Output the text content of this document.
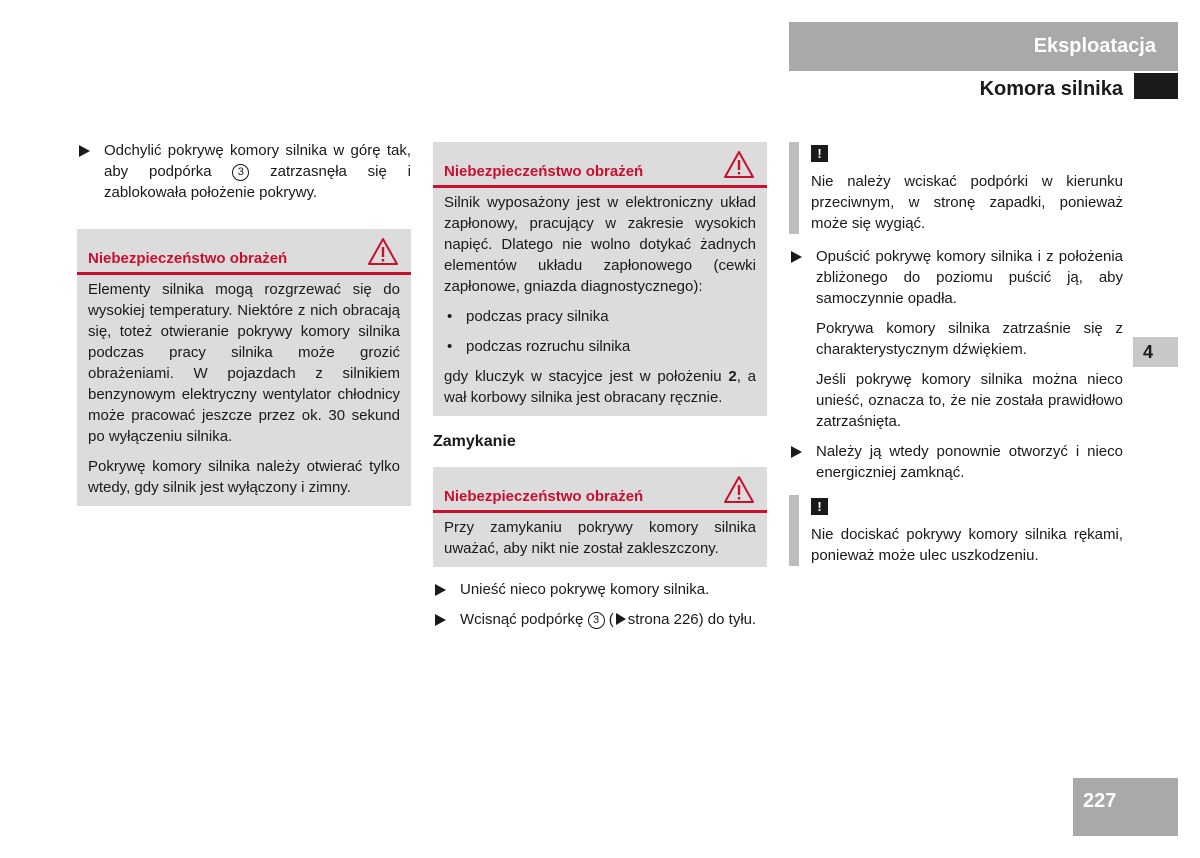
Eksploatacja
Komora silnika
4
227
Odchylić pokrywę komory silnika w górę tak, aby podpórka 3 zatrzasnęła się i zablokowała położenie pokrywy.
Niebezpieczeństwo obrażeń

Elementy silnika mogą rozgrzewać się do wysokiej temperatury. Niektóre z nich obracają się, toteż otwieranie pokrywy komory silnika podczas pracy silnika może grozić obrażeniami. W pojazdach z silnikiem benzynowym elektryczny wentylator chłodnicy może pracować jeszcze przez ok. 30 sekund po wyłączeniu silnika.

Pokrywę komory silnika należy otwierać tylko wtedy, gdy silnik jest wyłączony i zimny.

Niebezpieczeństwo obrażeń

Silnik wyposażony jest w elektroniczny układ zapłonowy, pracujący w zakresie wysokich napięć. Dlatego nie wolno dotykać żadnych elementów układu zapłonowego (cewki zapłonowe, gniazda diagnostycznego):

• podczas pracy silnika
• podczas rozruchu silnika

gdy kluczyk w stacyjce jest w położeniu 2, a wał korbowy silnika jest obracany ręcznie.

Zamykanie
Niebezpieczeństwo obrażeń

Przy zamykaniu pokrywy komory silnika uważać, aby nikt nie został zakleszczony.

Unieść nieco pokrywę komory silnika.
Wcisnąć podpórkę 3 ( strona 226) do tyłu.
!

Nie należy wciskać podpórki w kierunku przeciwnym, w stronę zapadki, ponieważ może się wygiąć.

Opuścić pokrywę komory silnika i z położenia zbliżonego do poziomu puścić ją, aby samoczynnie opadła.

Pokrywa komory silnika zatrzaśnie się z charakterystycznym dźwiękiem.

Jeśli pokrywę komory silnika można nieco unieść, oznacza to, że nie została prawidłowo zatrzaśnięta.

Należy ją wtedy ponownie otworzyć i nieco energiczniej zamknąć.
!

Nie dociskać pokrywy komory silnika rękami, ponieważ może ulec uszkodzeniu.
